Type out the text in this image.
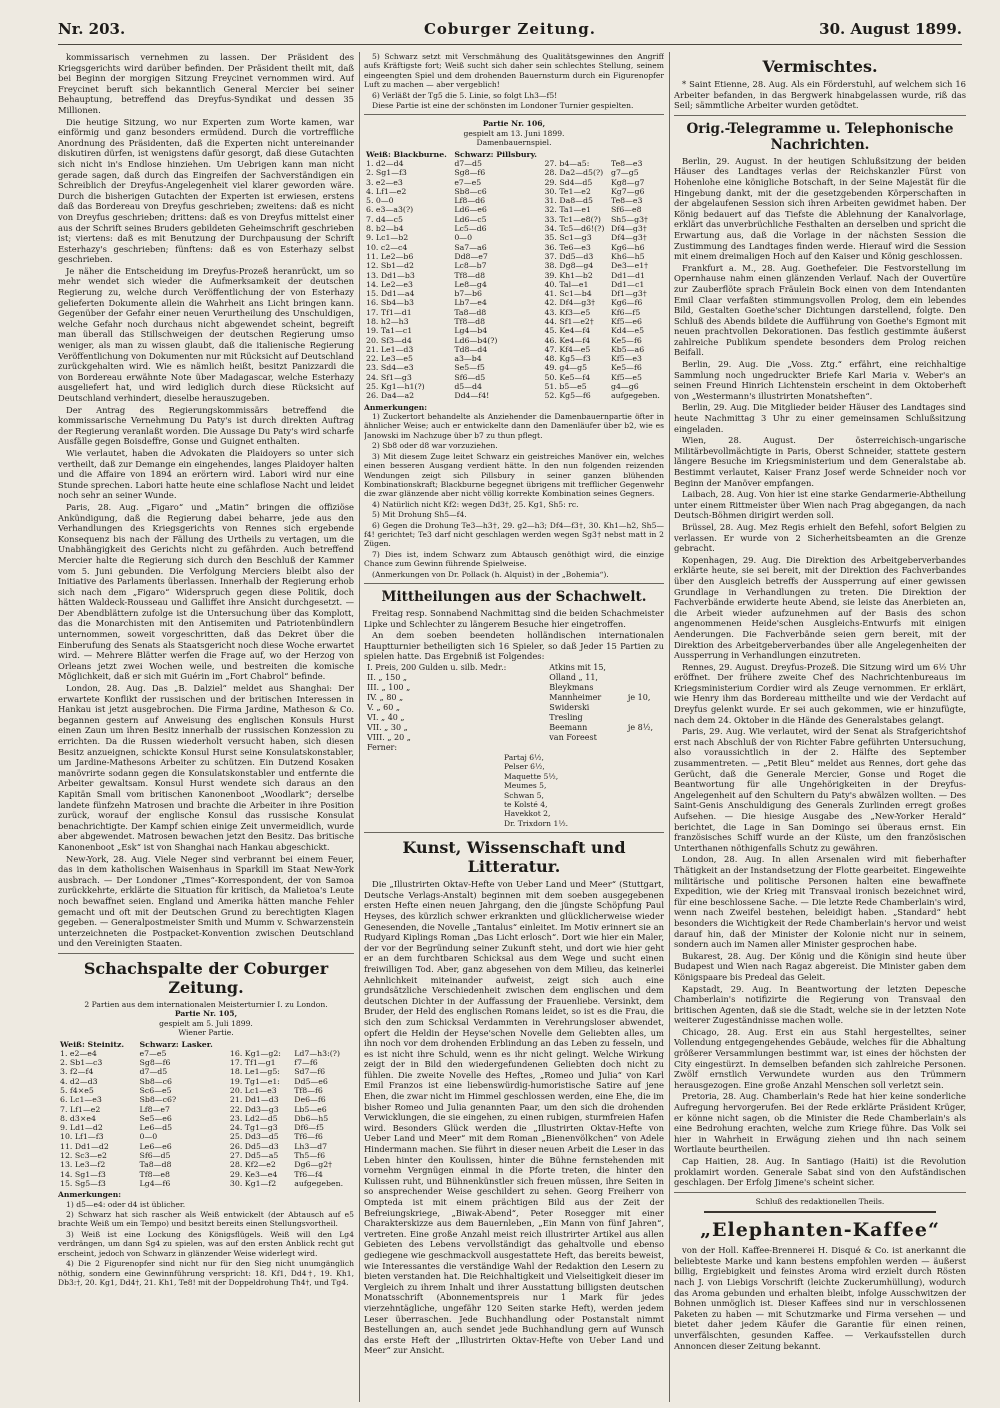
Nr. 203.	Coburger Zeitung.	30. August 1899.

kommissarisch vernehmen zu lassen. Der Präsident des Kriegsgerichts wird darüber befinden. Der Präsident theilt mit, daß bei Beginn der morgigen Sitzung Freycinet vernommen wird. Auf Freycinet beruft sich bekanntlich General Mercier bei seiner Behauptung, betreffend das Dreyfus-Syndikat und dessen 35 Millionen.

Die heutige Sitzung, wo nur Experten zum Worte kamen, war einförmig und ganz besonders ermüdend. Durch die vortreffliche Anordnung des Präsidenten, daß die Experten nicht untereinander diskutiren dürfen, ist wenigstens dafür gesorgt, daß diese Gutachten sich nicht in's Endlose hinziehen. Um Uebrigen kann man nicht gerade sagen, daß durch das Eingreifen der Sachverständigen ein Schreiblich der Dreyfus-Angelegenheit viel klarer geworden wäre. Durch die bisherigen Gutachten der Experten ist erwiesen, erstens daß das Bordereau von Dreyfus geschrieben; zweitens: daß es nicht von Dreyfus geschrieben; drittens: daß es von Dreyfus mittelst einer aus der Schrift seines Bruders gebildeten Geheimschrift geschrieben ist; viertens: daß es mit Benutzung der Durchpausung der Schrift Esterhazy's geschrieben; fünftens: daß es von Esterhazy selbst geschrieben.

Je näher die Entscheidung im Dreyfus-Prozeß heranrückt, um so mehr wendet sich wieder die Aufmerksamkeit der deutschen Regierung zu, welche durch Veröffentlichung der von Esterhazy gelieferten Dokumente allein die Wahrheit ans Licht bringen kann. Gegenüber der Gefahr einer neuen Verurtheilung des Unschuldigen, welche Gefahr noch durchaus nicht abgewendet scheint, begreift man überall das Stillschweigen der deutschen Regierung umso weniger, als man zu wissen glaubt, daß die italienische Regierung Veröffentlichung von Dokumenten nur mit Rücksicht auf Deutschland zurückgehalten wird. Wie es nämlich heißt, besitzt Panizzardi die von Bordereau erwähnte Note über Madagascar, welche Esterhazy ausgeliefert hat, und wird lediglich durch diese Rücksicht auf Deutschland verhindert, dieselbe herauszugeben.

Der Antrag des Regierungskommissärs betreffend die kommissarische Vernehmung Du Paty's ist durch direkten Auftrag der Regierung veranlaßt worden. Die Aussage Du Paty's wird scharfe Ausfälle gegen Boisdeffre, Gonse und Guignet enthalten.

Wie verlautet, haben die Advokaten die Plaidoyers so unter sich vertheilt, daß zur Demange ein eingehendes, langes Plaidoyer halten und die Affaire von 1894 an erörtern wird. Labori wird nur eine Stunde sprechen. Labori hatte heute eine schlaflose Nacht und leidet noch sehr an seiner Wunde.

Paris, 28. Aug. „Figaro“ und „Matin“ bringen die offiziöse Ankündigung, daß die Regierung dabei beharre, jede aus den Verhandlungen des Kriegsgerichts von Rennes sich ergebende Konsequenz bis nach der Fällung des Urtheils zu vertagen, um die Unabhängigkeit des Gerichts nicht zu gefährden. Auch betreffend Mercier halte die Regierung sich durch den Beschluß der Kammer vom 5. Juni gebunden. Die Verfolgung Merciers bleibt also der Initiative des Parlaments überlassen. Innerhalb der Regierung erhob sich nach dem „Figaro“ Widerspruch gegen diese Politik, doch hätten Waldeck-Rousseau und Galliffet ihre Ansicht durchgesetzt. — Der Abendblättern zufolge ist die Untersuchung über das Komplott, das die Monarchisten mit den Antisemiten und Patriotenbündlern unternommen, soweit vorgeschritten, daß das Dekret über die Einberufung des Senats als Staatsgericht noch diese Woche erwartet wird. — Mehrere Blätter werfen die Frage auf, wo der Herzog von Orleans jetzt zwei Wochen weile, und bestreiten die komische Möglichkeit, daß er sich mit Guérin im „Fort Chabrol“ befinde.

London, 28. Aug. Das „B. Dalziel“ meldet aus Shanghai: Der erwartete Konflikt der russischen und der britischen Interessen in Hankau ist jetzt ausgebrochen. Die Firma Jardine, Matheson & Co. begannen gestern auf Anweisung des englischen Konsuls Hurst einen Zaun um ihren Besitz innerhalb der russischen Konzession zu errichten. Da die Russen wiederholt versucht haben, sich diesen Besitz anzueignen, schickte Konsul Hurst seine Konsulatskonstabler, um Jardine-Mathesons Arbeiter zu schützen. Ein Dutzend Kosaken manövrirte sodann gegen die Konsulatskonstabler und entfernte die Arbeiter gewaltsam. Konsul Hurst wendete sich daraus an den Kapitän Small vom britischen Kanonenboot „Woodlark“; derselbe landete fünfzehn Matrosen und brachte die Arbeiter in ihre Position zurück, worauf der englische Konsul das russische Konsulat benachrichtigte. Der Kampf schien einige Zeit unvermeidlich, wurde aber abgewendet. Matrosen bewachen jetzt den Besitz. Das britische Kanonenboot „Esk“ ist von Shanghai nach Hankau abgeschickt.

New-York, 28. Aug. Viele Neger sind verbrannt bei einem Feuer, das in dem katholischen Waisenhaus in Sparkill im Staat New-York ausbrach. — Der Londoner „Times“-Korrespondent, der von Samoa zurückkehrte, erklärte die Situation für kritisch, da Malietoa's Leute noch bewaffnet seien. England und Amerika hätten manche Fehler gemacht und oft mit der Deutschen Grund zu berechtigten Klagen gegeben. — Generalpostmeister Smith und Mumm v. Schwarzenstein unterzeichneten die Postpacket-Konvention zwischen Deutschland und den Vereinigten Staaten.

Schachspalte der Coburger Zeitung.
2 Partien aus dem internationalen Meisterturnier I. zu London.
Partie Nr. 105,
gespielt am 5. Juli 1899.
Wiener Partie.
Weiß: Steinitz.	Schwarz: Lasker.		
1. e2—e4	e7—e5	16. Kg1—g2:	Ld7—h3:(?)
2. Sb1—c3	Sg8—f6	17. Tf1—g1	f7—f6
3. f2—f4	d7—d5	18. Le1—g5:	Sd7—f6
4. d2—d3	Sb8—c6	19. Tg1—e1:	Dd5—e6
5. f4×e5	Sc6—e5	20. Lc1—e3	Tf8—f6
6. Lc1—e3	Sb8—c6?	21. Dd1—d3	De6—f6
7. Lf1—e2	Lf8—e7	22. Dd3—g3	Lb5—e6
8. d3×e4	Se5—e6	23. Ld2—d5	Db6—h5
9. Ld1—d2	Le6—d5	24. Tg1—g3	Df6—f5
10. Lf1—f3	0—0	25. Dd3—d5	Tf6—f6
11. Dd1—d2	Le6—e6	26. Dd5—d3	Lh3—d7
12. Sc3—e2	Sf6—d5	27. Dd5—a5	Th5—f6
13. Le3—f2	Ta8—d8	28. Kf2—e2	Dg6—g2†
14. Sg1—f3	Tf8—e8	29. Ke3—e4	Tf6—f4
15. Sg5—f3	Lg4—f6	30. Kg1—f2	aufgegeben.
Anmerkungen:

1) d5—e4: oder d4 ist üblicher.

2) Schwarz hat sich rascher als Weiß entwickelt (der Abtausch auf e5 brachte Weiß um ein Tempo) und besitzt bereits einen Stellungsvortheil.

3) Weiß ist eine Lockung des Königsflügels. Weiß will den Lg4 verdrängen, um dann Sg4 zu spielen, was auf den ersten Anblick recht gut erscheint, jedoch von Schwarz in glänzender Weise widerlegt wird.

4) Die 2 Figurenopfer sind nicht nur für den Sieg nicht unumgänglich nöthig, sondern eine Gewinnführung verspricht: 18. Kf1, Dd4†, 19. Kh1, Db3:†, 20. Kg1, Dd4†, 21. Kh1, Te8! mit der Doppeldrohung Th4†, und Tg4.

5) Schwarz setzt mit Verschmähung des Qualitätsgewinnes den Angriff aufs Kräftigste fort; Weiß sucht sich daher sein schlechtes Stellung, seinem eingeengten Spiel und dem drohenden Bauernsturm durch ein Figurenopfer Luft zu machen — aber vergeblich!

6) Verläßt der Tg5 die 5. Linie, so folgt Lh3—f5!

Diese Partie ist eine der schönsten im Londoner Turnier gespielten.

Partie Nr. 106,
gespielt am 13. Juni 1899.
Damenbauernspiel.
Weiß: Blackburne.	Schwarz: Pillsbury.		
1. d2—d4	d7—d5	27. b4—a5:	Te8—e3
2. Sg1—f3	Sg8—f6	28. Da2—d5(?)	g7—g5
3. e2—e3	e7—e5	29. Sd4—d5	Kg8—g7
4. Lf1—e2	Sb8—c6	30. Te1—e2	Kg7—g6
5. 0—0	Lf8—d6	31. Da8—d5	Te8—e3
6. e3—a3(?)	Ld6—e6	32. Ta1—e1	Sf6—e8
7. d4—c5	Ld6—c5	33. Tc1—e8(?)	Sh5—g3†
8. b2—b4	Lc5—d6	34. Tc5—d6!(?)	Df4—g3†
9. Lc1—b2	0—0	35. Sc1—g3	Df4—g3†
10. c2—c4	Sa7—a6	36. Te6—e3	Kg6—h6
11. Le2—b6	Dd8—e7	37. Dd5—d3	Kh6—h5
12. Sb1—d2	Lc8—b7	38. Dg8—g4	De3—e1†
13. Dd1—b3	Tf8—d8	39. Kh1—b2	Dd1—d1
14. Le2—e3	Le8—g4	40. Tal—e1	Dd1—c1
15. Dd1—a4	b7—b6	41. Sc1—b4	Df1—g3†
16. Sb4—b3	Lb7—e4	42. Df4—g3†	Kg6—f6
17. Tf1—d1	Ta8—d8	43. Kf3—e5	Kf6—f5
18. h2—h3	Tf8—d8	44. Sf1—e2†	Kf5—e6
19. Ta1—c1	Lg4—b4	45. Ke4—f4	Kd4—e5
20. Sf3—d4	Ld6—b4(?)	46. Ke4—f4	Ke5—f6
21. Le1—d3	Td8—d4	47. Kf4—e5	Kb5—a6
22. Le3—e5	a3—b4	48. Kg5—f3	Kf5—e3
23. Sd4—e3	Se5—f5	49. g4—g5	Ke5—f6
24. Sf1—g3	Sf6—d5	50. Ke5—f4	Kf5—e5
25. Kg1—h1(?)	d5—d4	51. b5—e5	g4—g6
26. Da4—a2	Dd4—f4!	52. Kg5—f6	aufgegeben.
Anmerkungen:

1) Zuckertort behandelte als Anziehender die Damenbauernpartie öfter in ähnlicher Weise; auch er entwickelte dann den Damenläufer über b2, wie es Janowski im Nachzuge über b7 zu thun pflegt.

2) Sb8 oder d8 war vorzuziehen.

3) Mit diesem Zuge leitet Schwarz ein geistreiches Manöver ein, welches einen besseren Ausgang verdient hätte. In den nun folgenden reizenden Wendungen zeigt sich Pillsbury in seiner ganzen blühenden Kombinationskraft; Blackburne begegnet übrigens mit trefflicher Gegenwehr die zwar glänzende aber nicht völlig korrekte Kombination seines Gegners.

4) Natürlich nicht Kf2: wegen Dd3†, 25. Kg1, Sh5: rc.

5) Mit Drohung Sh5—f4.

6) Gegen die Drohung Te3—h3†, 29. g2—h3; Df4—f3†, 30. Kh1—h2, Sh5—f4! gerichtet; Te3 darf nicht geschlagen werden wegen Sg3† nebst matt in 2 Zügen.

7) Dies ist, indem Schwarz zum Abtausch genöthigt wird, die einzige Chance zum Gewinn führende Spielweise.

(Anmerkungen von Dr. Pollack (h. Alquist) in der „Bohemia“).

Mittheilungen aus der Schachwelt.

Freitag resp. Sonnabend Nachmittag sind die beiden Schachmeister Lipke und Schlechter zu längerem Besuche hier eingetroffen.

An dem soeben beendeten holländischen internationalen Hauptturnier betheiligten sich 16 Spieler, so daß Jeder 15 Partien zu spielen hatte. Das Ergebniß ist Folgendes:

I. Preis, 200 Gulden u. silb. Medr.:	Atkins mit 15,	
II. „ 150 „	Olland „ 11,	
III. „ 100 „	Bleykmans	
IV. „ 80 „	Mannheimer	je 10,
V. „ 60 „	Swiderski	
VI. „ 40 „	Tresling	
VII. „ 30 „	Beemann	je 8½,
VIII. „ 20 „	van Foreest	
Ferner:		
Partaj 6½,
Pelser 6½,
Maquette 5½,
Meumes 5,
Schwan 5,
te Kolsté 4,
Havekkot 2,
Dr. Trixdorn 1½.
Kunst, Wissenschaft und Litteratur.

Die „Illustrirten Oktav-Hefte von Ueber Land und Meer“ (Stuttgart, Deutsche Verlags-Anstalt) beginnen mit dem soeben ausgegebenen ersten Hefte einen neuen Jahrgang, den die jüngste Schöpfung Paul Heyses, des kürzlich schwer erkrankten und glücklicherweise wieder Genesenden, die Novelle „Tantalus“ einleitet. Im Motiv erinnert sie an Rudyard Kiplings Roman „Das Licht erlosch“. Dort wie hier ein Maler, der vor der Begründung seiner Zukunft steht, und dort wie hier geht er an dem furchtbaren Schicksal aus dem Wege und sucht einen freiwilligen Tod. Aber, ganz abgesehen von dem Milieu, das keinerlei Aehnlichkeit miteinander aufweist, zeigt sich auch eine grundsätzliche Verschiedenheit zwischen dem englischen und dem deutschen Dichter in der Auffassung der Frauenliebe. Versinkt, dem Bruder, der Held des englischen Romans leidet, so ist es die Frau, die sich den zum Schicksal Verdammten in Verehrungsloser abwendet, opfert die Heldin der Heyse'schen Novelle dem Geliebten alles, um ihn noch vor dem drohenden Erblindung an das Leben zu fesseln, und es ist nicht ihre Schuld, wenn es ihr nicht gelingt. Welche Wirkung zeigt der in Bild den wiedergefundenen Geliebten doch nicht zu fühlen. Die zweite Novelle des Heftes, „Romeo und Julia“ von Karl Emil Franzos ist eine liebenswürdig-humoristische Satire auf jene Ehen, die zwar nicht im Himmel geschlossen werden, eine Ehe, die im bisher Romeo und Julia genannten Paar, um den sich die drohenden Verwicklungen, die sie eingehen, zu einen rubigen, sturmfreien Hafen wird. Besonders Glück werden die „Illustrirten Oktav-Hefte von Ueber Land und Meer“ mit dem Roman „Bienenvölkchen“ von Adele Hindermann machen. Sie führt in dieser neuen Arbeit die Leser in das Leben hinter den Koulissen, hinter die Bühne fernstehenden mit vornehm Vergnügen einmal in die Pforte treten, die hinter den Kulissen ruht, und Bühnenkünstler sich freuen müssen, ihre Seiten in so ansprechender Weise geschildert zu sehen. Georg Freiherr von Ompteda ist mit einem prächtigen Bild aus der Zeit der Befreiungskriege, „Biwak-Abend“, Peter Rosegger mit einer Charakterskizze aus dem Bauernleben, „Ein Mann von fünf Jahren“, vertreten. Eine große Anzahl meist reich illustrirter Artikel aus allen Gebieten des Lebens vervollständigt das gehaltvolle und ebenso gediegene wie geschmackvoll ausgestattete Heft, das bereits beweist, wie Interessantes die verständige Wahl der Redaktion den Lesern zu bieten verstanden hat. Die Reichhaltigkeit und Vielseitigkeit dieser im Vergleich zu ihrem Inhalt und ihrer Ausstattung billigsten deutschen Monatsschrift (Abonnementspreis nur 1 Mark für jedes vierzehntägliche, ungefähr 120 Seiten starke Heft), werden jedem Leser überraschen. Jede Buchhandlung oder Postanstalt nimmt Bestellungen an, auch sendet jede Buchhandlung gern auf Wunsch das erste Heft der „Illustrirten Oktav-Hefte von Ueber Land und Meer“ zur Ansicht.

Vermischtes.

* Saint Etienne, 28. Aug. Als ein Förderstuhl, auf welchem sich 16 Arbeiter befanden, in das Bergwerk hinabgelassen wurde, riß das Seil; sämmtliche Arbeiter wurden getödtet.

Orig.-Telegramme u. Telephonische Nachrichten.

Berlin, 29. August. In der heutigen Schlußsitzung der beiden Häuser des Landtages verlas der Reichskanzler Fürst von Hohenlohe eine königliche Botschaft, in der Seine Majestät für die Hingebung dankt, mit der die gesetzgebenden Körperschaften in der abgelaufenen Session sich ihren Arbeiten gewidmet haben. Der König bedauert auf das Tiefste die Ablehnung der Kanalvorlage, erklärt das unverbrüchliche Festhalten an derselben und spricht die Erwartung aus, daß die Vorlage in der nächsten Session die Zustimmung des Landtages finden werde. Hierauf wird die Session mit einem dreimaligen Hoch auf den Kaiser und König geschlossen.

Frankfurt a. M., 28. Aug. Goethefeier. Die Festvorstellung im Opernhause nahm einen glänzenden Verlauf. Nach der Ouvertüre zur Zauberflöte sprach Fräulein Bock einen von dem Intendanten Emil Claar verfaßten stimmungsvollen Prolog, dem ein lebendes Bild, Gestalten Goethe'scher Dichtungen darstellend, folgte. Den Schluß des Abends bildete die Aufführung von Goethe's Egmont mit neuen prachtvollen Dekorationen. Das festlich gestimmte äußerst zahlreiche Publikum spendete besonders dem Prolog reichen Beifall.

Berlin, 29. Aug. Die „Voss. Ztg.“ erfährt, eine reichhaltige Sammlung noch ungedruckter Briefe Karl Maria v. Weber's an seinen Freund Hinrich Lichtenstein erscheint in dem Oktoberheft von „Westermann's illustrirten Monatsheften“.

Berlin, 29. Aug. Die Mitglieder beider Häuser des Landtages sind heute Nachmittag 3 Uhr zu einer gemeinsamen Schlußsitzung eingeladen.

Wien, 28. August. Der österreichisch-ungarische Militärbevollmächtigte in Paris, Oberst Schneider, stattete gestern längere Besuche im Kriegsministerium und dem Generalstabe ab. Bestimmt verlautet, Kaiser Franz Josef werde Schneider noch vor Beginn der Manöver empfangen.

Laibach, 28. Aug. Von hier ist eine starke Gendarmerie-Abtheilung unter einem Rittmeister über Wien nach Prag abgegangen, da nach Deutsch-Böhmen dirigirt werden soll.

Brüssel, 28. Aug. Mez Regis erhielt den Befehl, sofort Belgien zu verlassen. Er wurde von 2 Sicherheitsbeamten an die Grenze gebracht.

Kopenhagen, 29. Aug. Die Direktion des Arbeitgeberverbandes erklärte heute, sie sei bereit, mit der Direktion des Fachverbandes über den Ausgleich betreffs der Aussperrung auf einer gewissen Grundlage in Verhandlungen zu treten. Die Direktion der Fachverbände erwiderte heute Abend, sie leiste das Anerbieten an, die Arbeit wieder aufzunehmen auf der Basis des schon angenommenen Heide'schen Ausgleichs-Entwurfs mit einigen Aenderungen. Die Fachverbände seien gern bereit, mit der Direktion des Arbeitgeberverbandes über alle Angelegenheiten der Aussperrung in Verhandlungen einzutreten.

Rennes, 29. August. Dreyfus-Prozeß. Die Sitzung wird um 6½ Uhr eröffnet. Der frühere zweite Chef des Nachrichtenbureaus im Kriegsministerium Cordier wird als Zeuge vernommen. Er erklärt, wie Henry ihm das Bordereau mittheilte und wie der Verdacht auf Dreyfus gelenkt wurde. Er sei auch gekommen, wie er hinzufügte, nach dem 24. Oktober in die Hände des Generalstabes gelangt.

Paris, 29. Aug. Wie verlautet, wird der Senat als Strafgerichtshof erst nach Abschluß der von Richter Fabre geführten Untersuchung, also voraussichtlich in der 2. Hälfte des September zusammentreten. — „Petit Bleu“ meldet aus Rennes, dort gehe das Gerücht, daß die Generale Mercier, Gonse und Roget die Beantwortung für alle Ungehörigkeiten in der Dreyfus-Angelegenheit auf den Schultern du Paty's abwälzen wollten. — Des Saint-Genis Anschuldigung des Generals Zurlinden erregt großes Aufsehen. — Die hiesige Ausgabe des „New-Yorker Herald“ berichtet, die Lage in San Domingo sei überaus ernst. Ein französisches Schiff wurde an der Küste, um den französischen Unterthanen nöthigenfalls Schutz zu gewähren.

London, 28. Aug. In allen Arsenalen wird mit fieberhafter Thätigkeit an der Instandsetzung der Flotte gearbeitet. Eingeweihte militärische und politische Personen halten eine bewaffnete Expedition, wie der Krieg mit Transvaal ironisch bezeichnet wird, für eine beschlossene Sache. — Die letzte Rede Chamberlain's wird, wenn nach Zweifel bestehen, beleidigt haben. „Standard“ hebt besonders die Wichtigkeit der Rede Chamberlain's hervor und weist darauf hin, daß der Minister der Kolonie nicht nur in seinem, sondern auch im Namen aller Minister gesprochen habe.

Bukarest, 28. Aug. Der König und die Königin sind heute über Budapest und Wien nach Ragaz abgereist. Die Minister gaben dem Königspaare bis Predeal das Geleit.

Kapstadt, 29. Aug. In Beantwortung der letzten Depesche Chamberlain's notifizirte die Regierung von Transvaal den britischen Agenten, daß sie die Stadt, welche sie in der letzten Note weiterer Zugeständnisse machen wolle.

Chicago, 28. Aug. Erst ein aus Stahl hergestelltes, seiner Vollendung entgegengehendes Gebäude, welches für die Abhaltung größerer Versammlungen bestimmt war, ist eines der höchsten der City eingestürzt. In demselben befanden sich zahlreiche Personen. Zwölf ernstlich Verwundete wurden aus den Trümmern herausgezogen. Eine große Anzahl Menschen soll verletzt sein.

Pretoria, 28. Aug. Chamberlain's Rede hat hier keine sonderliche Aufregung hervorgerufen. Bei der Rede erklärte Präsident Krüger, er könne nicht sagen, ob die Minister die Rede Chamberlain's als eine Bedrohung erachten, welche zum Kriege führe. Das Volk sei hier in Wahrheit in Erwägung ziehen und ihn nach seinem Wortlaute beurtheilen.

Cap Haitien, 28. Aug. In Santiago (Haiti) ist die Revolution proklamirt worden. Generale Sabat sind von den Aufständischen geschlagen. Der Erfolg Jimene's scheint sicher.

Schluß des redaktionellen Theils.
„Elephanten-Kaffee“

von der Holl. Kaffee-Brennerei H. Disqué & Co. ist anerkannt die beliebteste Marke und kann bestens empfohlen werden — äußerst billig, Ergiebigkeit und feinstes Aroma wird erzielt durch Rösten nach J. von Liebigs Vorschrift (leichte Zuckerumhüllung), wodurch das Aroma gebunden und erhalten bleibt, infolge Ausschwitzen der Bohnen unmöglich ist. Dieser Kaffees sind nur in verschlossenen Paketen zu haben — mit Schutzmarke und Firma versehen — und bietet daher jedem Käufer die Garantie für einen reinen, unverfälschten, gesunden Kaffee. — Verkaufsstellen durch Annoncen dieser Zeitung bekannt.
